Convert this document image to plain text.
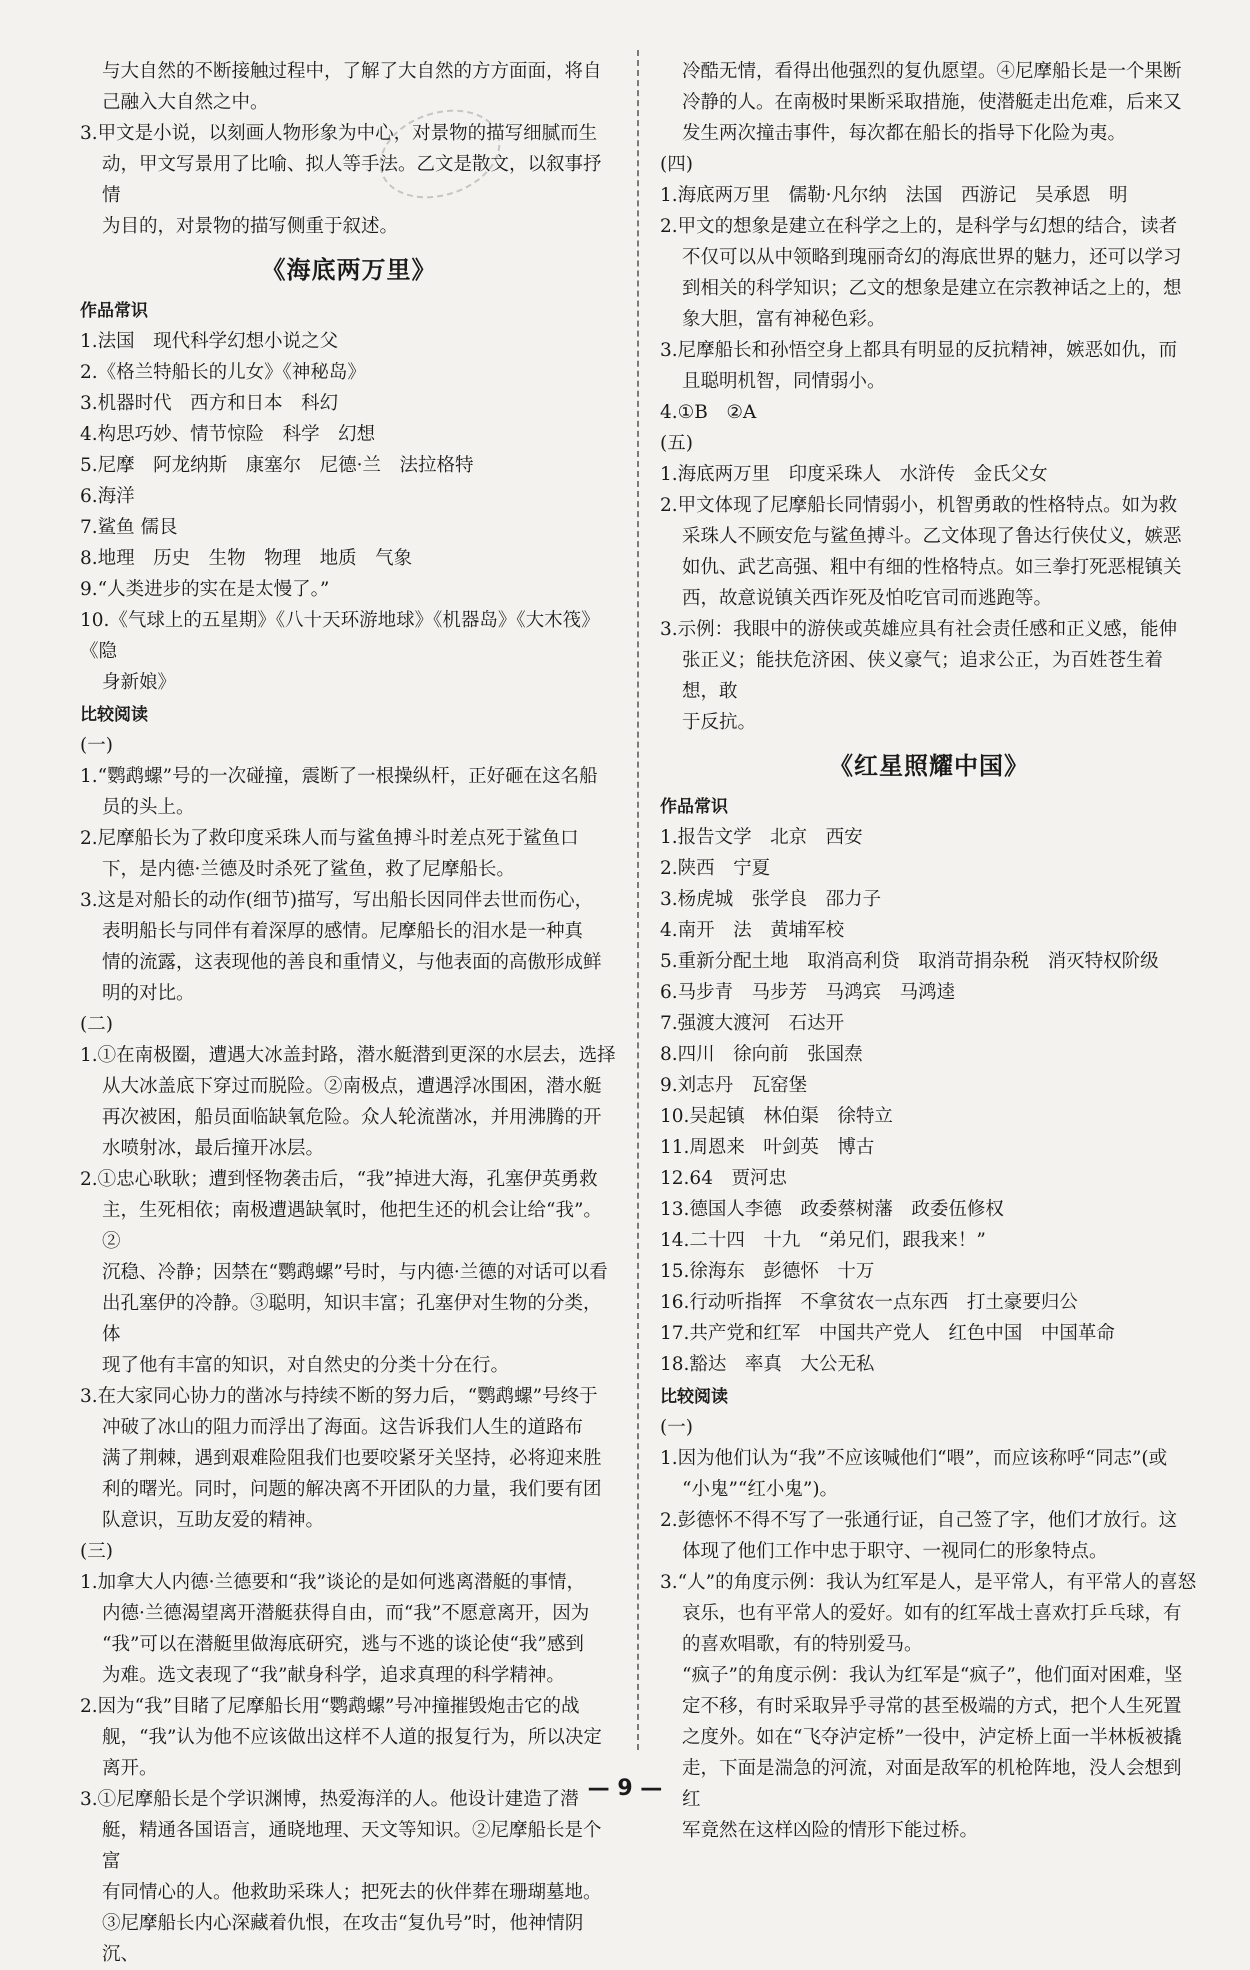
与大自然的不断接触过程中，了解了大自然的方方面面，将自
己融入大自然之中。
3.甲文是小说，以刻画人物形象为中心，对景物的描写细腻而生
动，甲文写景用了比喻、拟人等手法。乙文是散文，以叙事抒情
为目的，对景物的描写侧重于叙述。
《海底两万里》
作品常识
1.法国　现代科学幻想小说之父
2.《格兰特船长的儿女》《神秘岛》
3.机器时代　西方和日本　科幻
4.构思巧妙、情节惊险　科学　幻想
5.尼摩　阿龙纳斯　康塞尔　尼德·兰　法拉格特
6.海洋
7.鲨鱼 儒艮
8.地理　历史　生物　物理　地质　气象
9.“人类进步的实在是太慢了。”
10.《气球上的五星期》《八十天环游地球》《机器岛》《大木筏》《隐
身新娘》
比较阅读
(一)
1.“鹦鹉螺”号的一次碰撞，震断了一根操纵杆，正好砸在这名船
员的头上。
2.尼摩船长为了救印度采珠人而与鲨鱼搏斗时差点死于鲨鱼口
下，是内德·兰德及时杀死了鲨鱼，救了尼摩船长。
3.这是对船长的动作(细节)描写，写出船长因同伴去世而伤心，
表明船长与同伴有着深厚的感情。尼摩船长的泪水是一种真
情的流露，这表现他的善良和重情义，与他表面的高傲形成鲜
明的对比。
(二)
1.①在南极圈，遭遇大冰盖封路，潜水艇潜到更深的水层去，选择
从大冰盖底下穿过而脱险。②南极点，遭遇浮冰围困，潜水艇
再次被困，船员面临缺氧危险。众人轮流凿冰，并用沸腾的开
水喷射冰，最后撞开冰层。
2.①忠心耿耿；遭到怪物袭击后，“我”掉进大海，孔塞伊英勇救
主，生死相依；南极遭遇缺氧时，他把生还的机会让给“我”。②
沉稳、冷静；因禁在“鹦鹉螺”号时，与内德·兰德的对话可以看
出孔塞伊的冷静。③聪明，知识丰富；孔塞伊对生物的分类，体
现了他有丰富的知识，对自然史的分类十分在行。
3.在大家同心协力的凿冰与持续不断的努力后，“鹦鹉螺”号终于
冲破了冰山的阻力而浮出了海面。这告诉我们人生的道路布
满了荆棘，遇到艰难险阻我们也要咬紧牙关坚持，必将迎来胜
利的曙光。同时，问题的解决离不开团队的力量，我们要有团
队意识，互助友爱的精神。
(三)
1.加拿大人内德·兰德要和“我”谈论的是如何逃离潜艇的事情，
内德·兰德渴望离开潜艇获得自由，而“我”不愿意离开，因为
“我”可以在潜艇里做海底研究，逃与不逃的谈论使“我”感到
为难。选文表现了“我”献身科学，追求真理的科学精神。
2.因为“我”目睹了尼摩船长用“鹦鹉螺”号冲撞摧毁炮击它的战
舰，“我”认为他不应该做出这样不人道的报复行为，所以决定
离开。
3.①尼摩船长是个学识渊博，热爱海洋的人。他设计建造了潜
艇，精通各国语言，通晓地理、天文等知识。②尼摩船长是个富
有同情心的人。他救助采珠人；把死去的伙伴葬在珊瑚墓地。
③尼摩船长内心深藏着仇恨，在攻击“复仇号”时，他神情阴沉、
冷酷无情，看得出他强烈的复仇愿望。④尼摩船长是一个果断
冷静的人。在南极时果断采取措施，使潜艇走出危难，后来又
发生两次撞击事件，每次都在船长的指导下化险为夷。
(四)
1.海底两万里　儒勒·凡尔纳　法国　西游记　吴承恩　明
2.甲文的想象是建立在科学之上的，是科学与幻想的结合，读者
不仅可以从中领略到瑰丽奇幻的海底世界的魅力，还可以学习
到相关的科学知识；乙文的想象是建立在宗教神话之上的，想
象大胆，富有神秘色彩。
3.尼摩船长和孙悟空身上都具有明显的反抗精神，嫉恶如仇，而
且聪明机智，同情弱小。
4.①B　②A
(五)
1.海底两万里　印度采珠人　水浒传　金氏父女
2.甲文体现了尼摩船长同情弱小，机智勇敢的性格特点。如为救
采珠人不顾安危与鲨鱼搏斗。乙文体现了鲁达行侠仗义，嫉恶
如仇、武艺高强、粗中有细的性格特点。如三拳打死恶棍镇关
西，故意说镇关西诈死及怕吃官司而逃跑等。
3.示例：我眼中的游侠或英雄应具有社会责任感和正义感，能伸
张正义；能扶危济困、侠义豪气；追求公正，为百姓苍生着想，敢
于反抗。
《红星照耀中国》
作品常识
1.报告文学　北京　西安
2.陕西　宁夏
3.杨虎城　张学良　邵力子
4.南开　法　黄埔军校
5.重新分配土地　取消高利贷　取消苛捐杂税　消灭特权阶级
6.马步青　马步芳　马鸿宾　马鸿逵
7.强渡大渡河　石达开
8.四川　徐向前　张国焘
9.刘志丹　瓦窑堡
10.吴起镇　林伯渠　徐特立
11.周恩来　叶剑英　博古
12.64　贾河忠
13.德国人李德　政委蔡树藩　政委伍修权
14.二十四　十九　“弟兄们，跟我来！”
15.徐海东　彭德怀　十万
16.行动听指挥　不拿贫农一点东西　打土豪要归公
17.共产党和红军　中国共产党人　红色中国　中国革命
18.豁达　率真　大公无私
比较阅读
(一)
1.因为他们认为“我”不应该喊他们“喂”，而应该称呼“同志”(或
“小鬼”“红小鬼”)。
2.彭德怀不得不写了一张通行证，自己签了字，他们才放行。这
体现了他们工作中忠于职守、一视同仁的形象特点。
3.“人”的角度示例：我认为红军是人，是平常人，有平常人的喜怒
哀乐，也有平常人的爱好。如有的红军战士喜欢打乒乓球，有
的喜欢唱歌，有的特别爱马。
“疯子”的角度示例：我认为红军是“疯子”，他们面对困难，坚
定不移，有时采取异乎寻常的甚至极端的方式，把个人生死置
之度外。如在“飞夺泸定桥”一役中，泸定桥上面一半林板被撬
走，下面是湍急的河流，对面是敌军的机枪阵地，没人会想到红
军竟然在这样凶险的情形下能过桥。
— 9 —
